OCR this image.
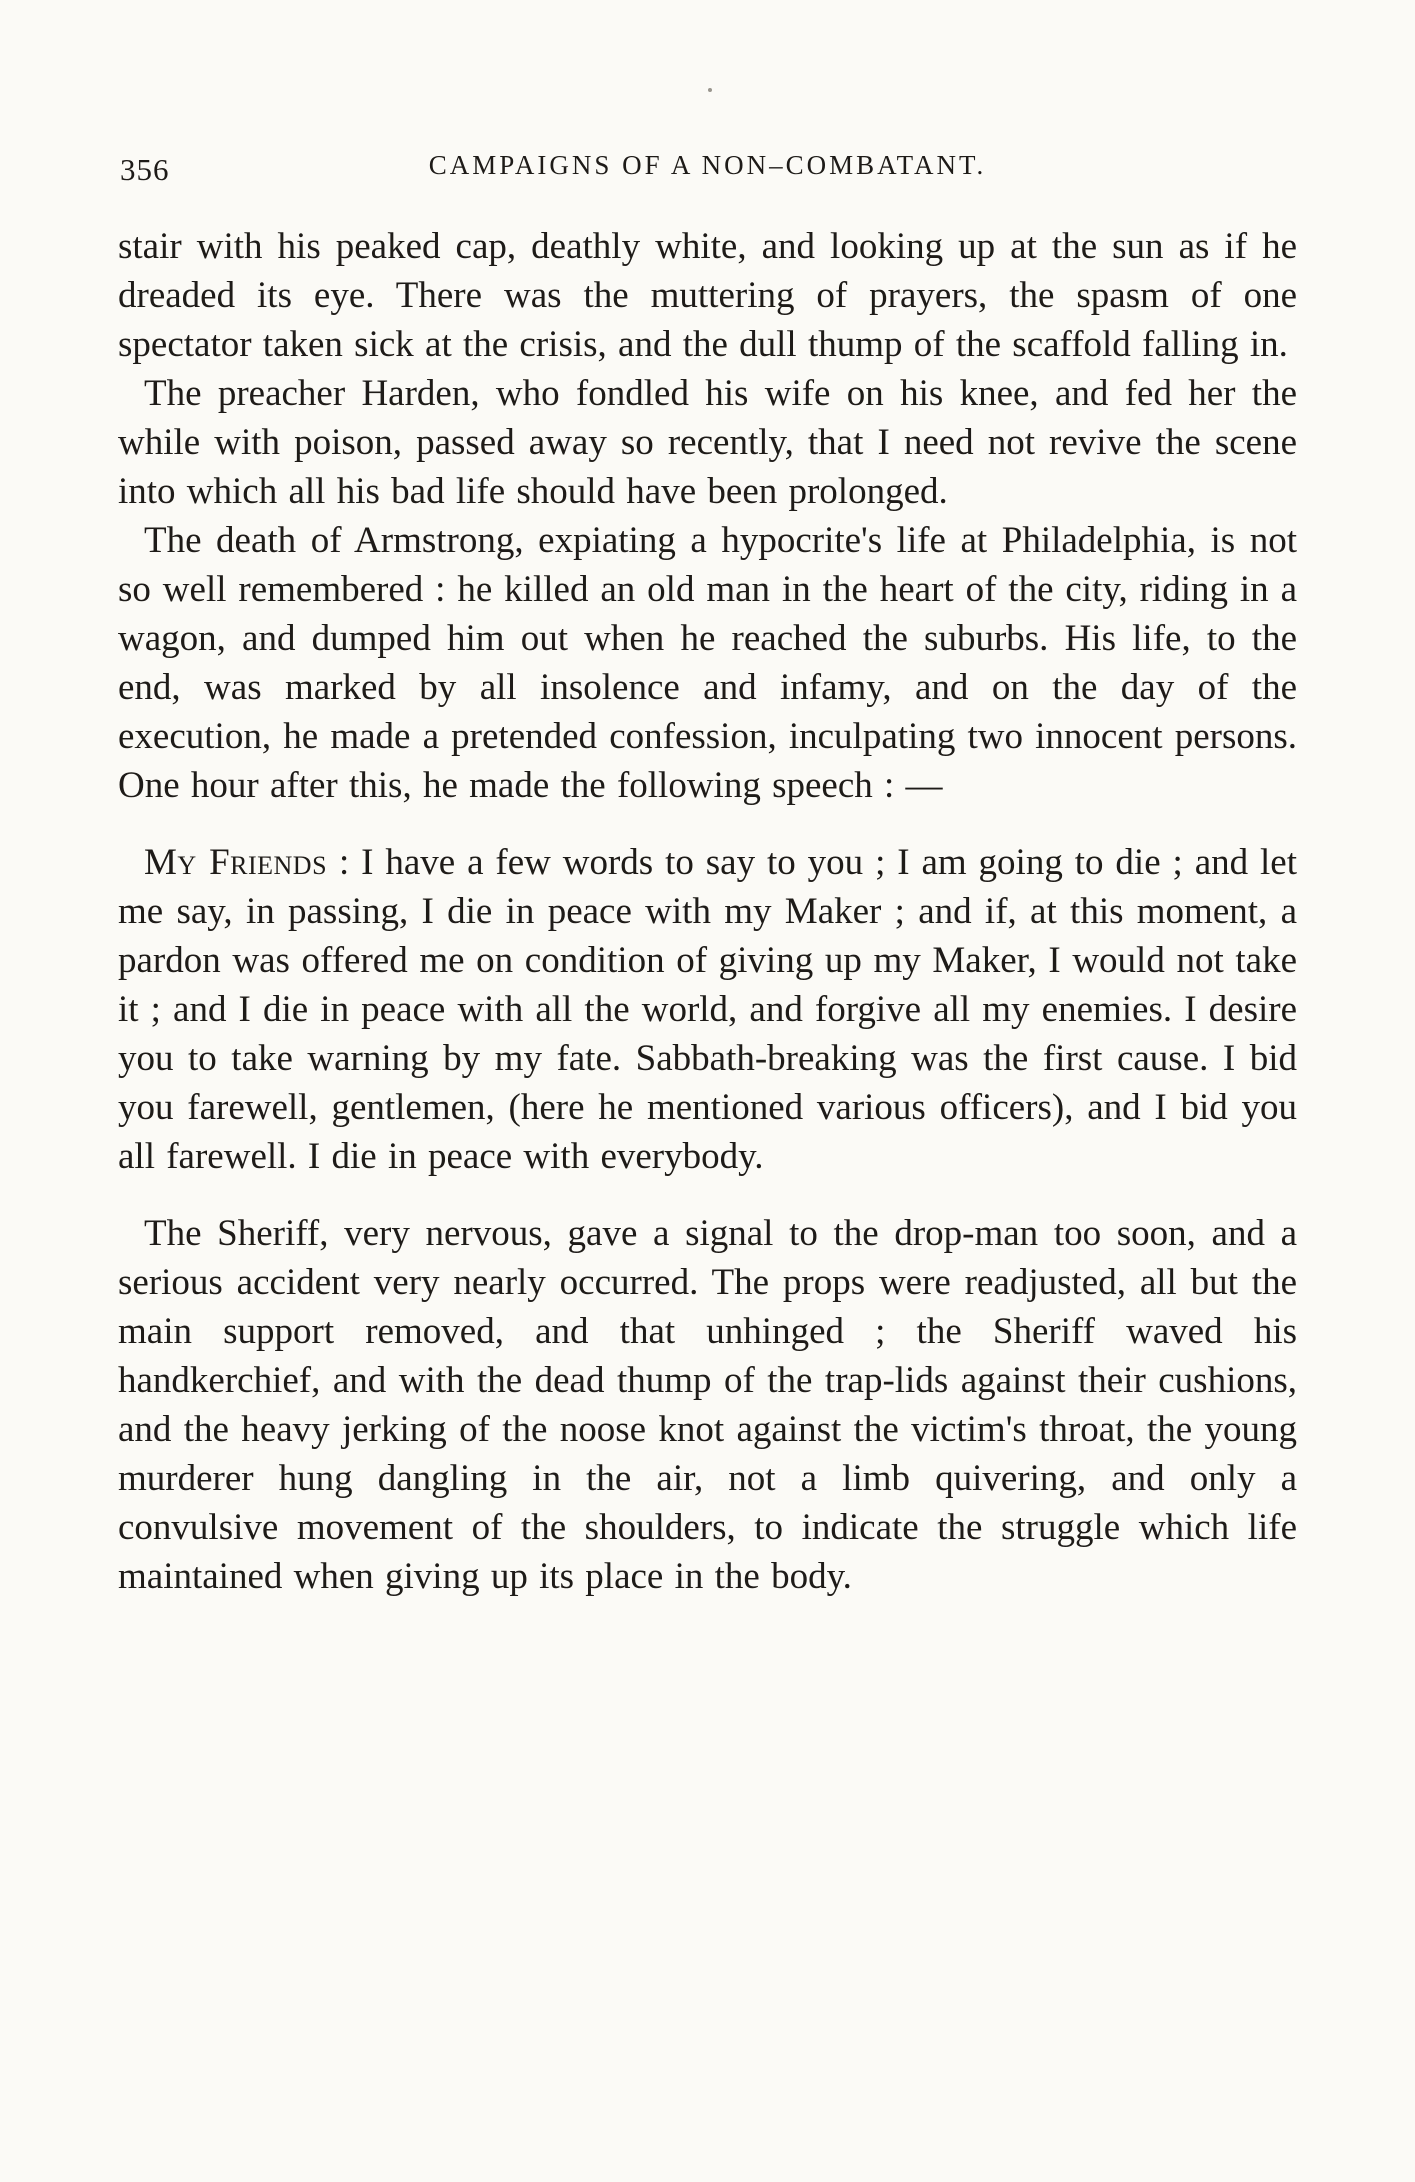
356	CAMPAIGNS OF A NON–COMBATANT.

stair with his peaked cap, deathly white, and looking up at the sun as if he dreaded its eye. There was the muttering of prayers, the spasm of one spectator taken sick at the crisis, and the dull thump of the scaffold falling in.

The preacher Harden, who fondled his wife on his knee, and fed her the while with poison, passed away so recently, that I need not revive the scene into which all his bad life should have been prolonged.

The death of Armstrong, expiating a hypocrite's life at Philadelphia, is not so well remembered : he killed an old man in the heart of the city, riding in a wagon, and dumped him out when he reached the suburbs. His life, to the end, was marked by all insolence and infamy, and on the day of the execution, he made a pretended confession, inculpating two innocent persons. One hour after this, he made the following speech : —

My Friends : I have a few words to say to you ; I am going to die ; and let me say, in passing, I die in peace with my Maker ; and if, at this moment, a pardon was offered me on condition of giving up my Maker, I would not take it ; and I die in peace with all the world, and forgive all my enemies. I desire you to take warning by my fate. Sabbath-breaking was the first cause. I bid you farewell, gentlemen, (here he mentioned various officers), and I bid you all farewell. I die in peace with everybody.

The Sheriff, very nervous, gave a signal to the drop-man too soon, and a serious accident very nearly occurred. The props were readjusted, all but the main support removed, and that unhinged ; the Sheriff waved his handkerchief, and with the dead thump of the trap-lids against their cushions, and the heavy jerking of the noose knot against the victim's throat, the young murderer hung dangling in the air, not a limb quivering, and only a convulsive movement of the shoulders, to indicate the struggle which life maintained when giving up its place in the body.
